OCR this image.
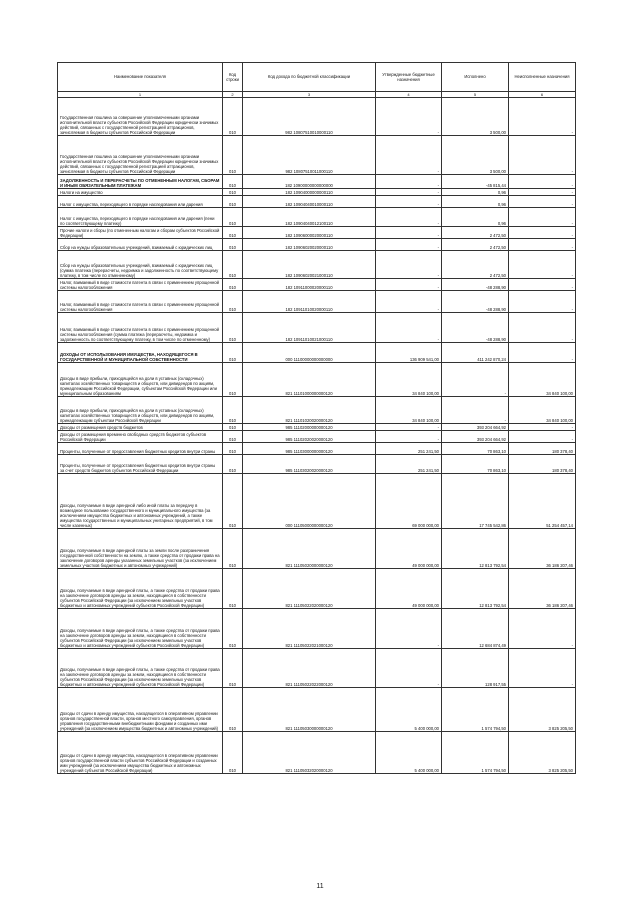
Наименование показателя	Код строки	Код дохода по бюджетной классификации	Утвержденные бюджетные назначения	Исполнено	Неисполненные назначения
1	2	3	4	5	6
Государственная пошлина за совершение уполномоченными органами исполнительной власти субъектов Российской Федерации юридически значимых действий, связанных с государственной регистрацией аттракционов, зачисляемая в бюджеты субъектов Российской Федерации	010	982 10807510010000110	-	3 500,00	-
Государственная пошлина за совершение уполномоченными органами исполнительной власти субъектов Российской Федерации юридически значимых действий, связанных с государственной регистрацией аттракционов, зачисляемая в бюджеты субъектов Российской Федерации	010	982 10807510011000110	-	3 500,00	-
ЗАДОЛЖЕННОСТЬ И ПЕРЕРАСЧЕТЫ ПО ОТМЕНЕННЫМ НАЛОГАМ, СБОРАМ И ИНЫМ ОБЯЗАТЕЛЬНЫМ ПЛАТЕЖАМ	010	182 10900000000000000	-	-45 815,44	-
Налоги на имущество	010	182 10904000000000110	-	0,96	-
Налог с имущества, переходящего в порядке наследования или дарения	010	182 10904040010000110	-	0,96	-
Налог с имущества, переходящего в порядке наследования или дарения (пени по соответствующему платежу)	010	182 10904040012100110	-	0,96	-
Прочие налоги и сборы (по отмененным налогам и сборам субъектов Российской Федерации)	010	182 10906000020000110	-	2 472,50	-
Сбор на нужды образовательных учреждений, взимаемый с юридических лиц	010	182 10906020020000110	-	2 472,50	-
Сбор на нужды образовательных учреждений, взимаемый с юридических лиц (сумма платежа (перерасчеты, недоимка и задолженность по соответствующему платежу, в том числе по отмененному)	010	182 10906020021000110	-	2 472,50	-
Налог, взимаемый в виде стоимости патента в связи с применением упрощенной системы налогообложения	010	182 10911000020000110	-	-48 288,90	-
Налог, взимаемый в виде стоимости патента в связи с применением упрощенной системы налогообложения	010	182 10911010020000110	-	-48 288,90	-
Налог, взимаемый в виде стоимости патента в связи с применением упрощенной системы налогообложения (сумма платежа (перерасчеты, недоимка и задолженность по соответствующему платежу, в том числе по отмененному)	010	182 10911010021000110	-	-48 288,90	-
ДОХОДЫ ОТ ИСПОЛЬЗОВАНИЯ ИМУЩЕСТВА, НАХОДЯЩЕГОСЯ В ГОСУДАРСТВЕННОЙ И МУНИЦИПАЛЬНОЙ СОБСТВЕННОСТИ	010	000 11100000000000000	136 909 541,00	411 242 870,24	-
Доходы в виде прибыли, приходящейся на доли в уставных (складочных) капиталах хозяйственных товариществ и обществ, или дивидендов по акциям, принадлежащим Российской Федерации, субъектам Российской Федерации или муниципальным образованиям	010	821 11101000000000120	34 840 100,00	-	34 840 100,00
Доходы в виде прибыли, приходящейся на доли в уставных (складочных) капиталах хозяйственных товариществ и обществ, или дивидендов по акциям, принадлежащим субъектам Российской Федерации	010	821 11101020020000120	34 840 100,00	-	34 840 100,00
Доходы от размещения средств бюджетов	010	985 11102000000000120	-	393 204 664,92	-
Доходы от размещения временно свободных средств бюджетов субъектов Российской Федерации	010	985 11102020020000120	-	393 204 664,92	-
Проценты, полученные от предоставления бюджетных кредитов внутри страны	010	985 11103000000000120	251 241,50	70 863,10	180 378,40
Проценты, полученные от предоставления бюджетных кредитов внутри страны за счет средств бюджетов субъектов Российской Федерации	010	985 11103020020000120	251 241,50	70 863,10	180 378,40
Доходы, получаемые в виде арендной либо иной платы за передачу в возмездное пользование государственного и муниципального имущества (за исключением имущества бюджетных и автономных учреждений, а также имущества государственных и муниципальных унитарных предприятий, в том числе казенных)	010	000 11105000000000120	69 000 000,00	17 745 542,86	51 254 457,14
Доходы, получаемые в виде арендной платы за земли после разграничения государственной собственности на землю, а также средства от продажи права на заключение договоров аренды указанных земельных участков (за исключением земельных участков бюджетных и автономных учреждений)	010	821 11105020000000120	49 000 000,00	12 813 792,54	36 186 207,46
Доходы, получаемые в виде арендной платы, а также средства от продажи права на заключение договоров аренды за земли, находящиеся в собственности субъектов Российской Федерации (за исключением земельных участков бюджетных и автономных учреждений субъектов Российской Федерации)	010	821 11105022020000120	49 000 000,00	12 813 792,54	36 186 207,46
Доходы, получаемые в виде арендной платы, а также средства от продажи права на заключение договоров аренды за земли, находящиеся в собственности субъектов Российской Федерации (за исключением земельных участков бюджетных и автономных учреждений субъектов Российской Федерации)	010	821 11105022021000120	-	12 684 874,49	-
Доходы, получаемые в виде арендной платы, а также средства от продажи права на заключение договоров аренды за земли, находящиеся в собственности субъектов Российской Федерации (за исключением земельных участков бюджетных и автономных учреждений субъектов Российской Федерации)	010	821 11105022022000120	-	128 917,55	-
Доходы от сдачи в аренду имущества, находящегося в оперативном управлении органов государственной власти, органов местного самоуправления, органов управления государственными внебюджетными фондами и созданных ими учреждений (за исключением имущества бюджетных и автономных учреждений)	010	821 11105030000000120	5 400 000,00	1 574 794,50	3 825 205,50
Доходы от сдачи в аренду имущества, находящегося в оперативном управлении органов государственной власти субъектов Российской Федерации и созданных ими учреждений (за исключением имущества бюджетных и автономных учреждений субъектов Российской Федерации)	010	821 11105032020000120	5 400 000,00	1 574 794,50	3 825 205,50
11
